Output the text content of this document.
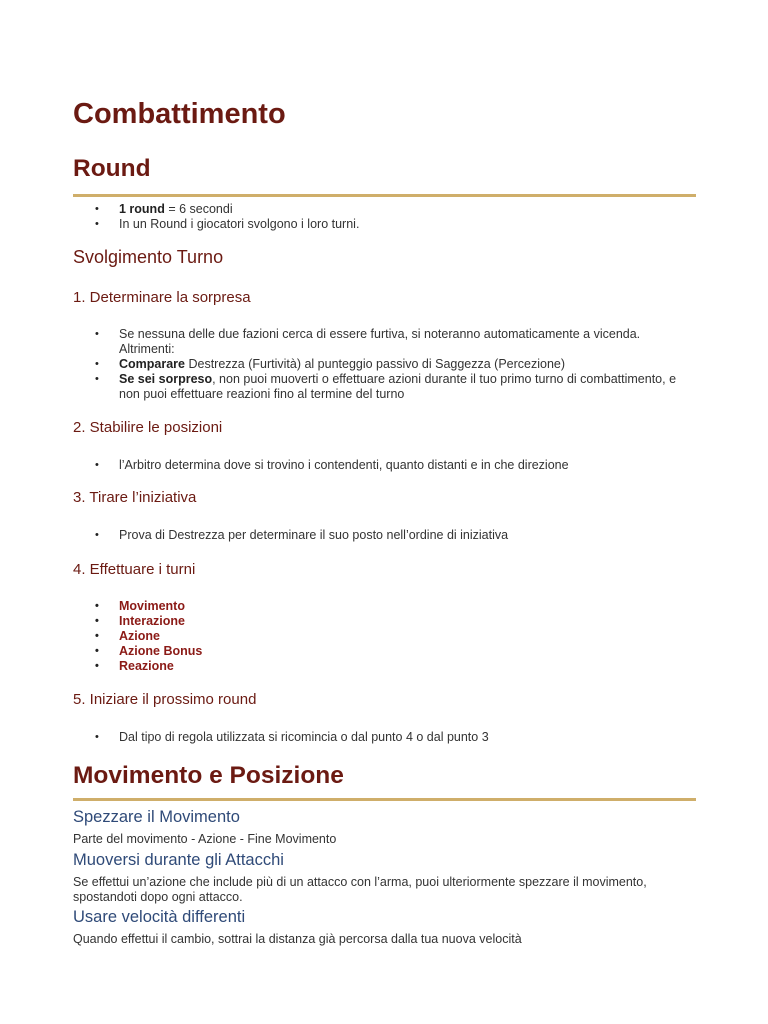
Combattimento
Round
• 1 round = 6 secondi
• In un Round i giocatori svolgono i loro turni.
Svolgimento Turno
1. Determinare la sorpresa
• Se nessuna delle due fazioni cerca di essere furtiva, si noteranno automaticamente a vicenda. Altrimenti:
• Comparare Destrezza (Furtività) al punteggio passivo di Saggezza (Percezione)
• Se sei sorpreso, non puoi muoverti o effettuare azioni durante il tuo primo turno di combattimento, e non puoi effettuare reazioni fino al termine del turno
2. Stabilire le posizioni
• l’Arbitro determina dove si trovino i contendenti, quanto distanti e in che direzione
3. Tirare l’iniziativa
• Prova di Destrezza per determinare il suo posto nell’ordine di iniziativa
4. Effettuare i turni
• Movimento
• Interazione
• Azione
• Azione Bonus
• Reazione
5. Iniziare il prossimo round
• Dal tipo di regola utilizzata si ricomincia o dal punto 4 o dal punto 3
Movimento e Posizione
Spezzare il Movimento

Parte del movimento - Azione - Fine Movimento

Muoversi durante gli Attacchi

Se effettui un’azione che include più di un attacco con l’arma, puoi ulteriormente spezzare il movimento, spostandoti dopo ogni attacco.

Usare velocità differenti

Quando effettui il cambio, sottrai la distanza già percorsa dalla tua nuova velocità
